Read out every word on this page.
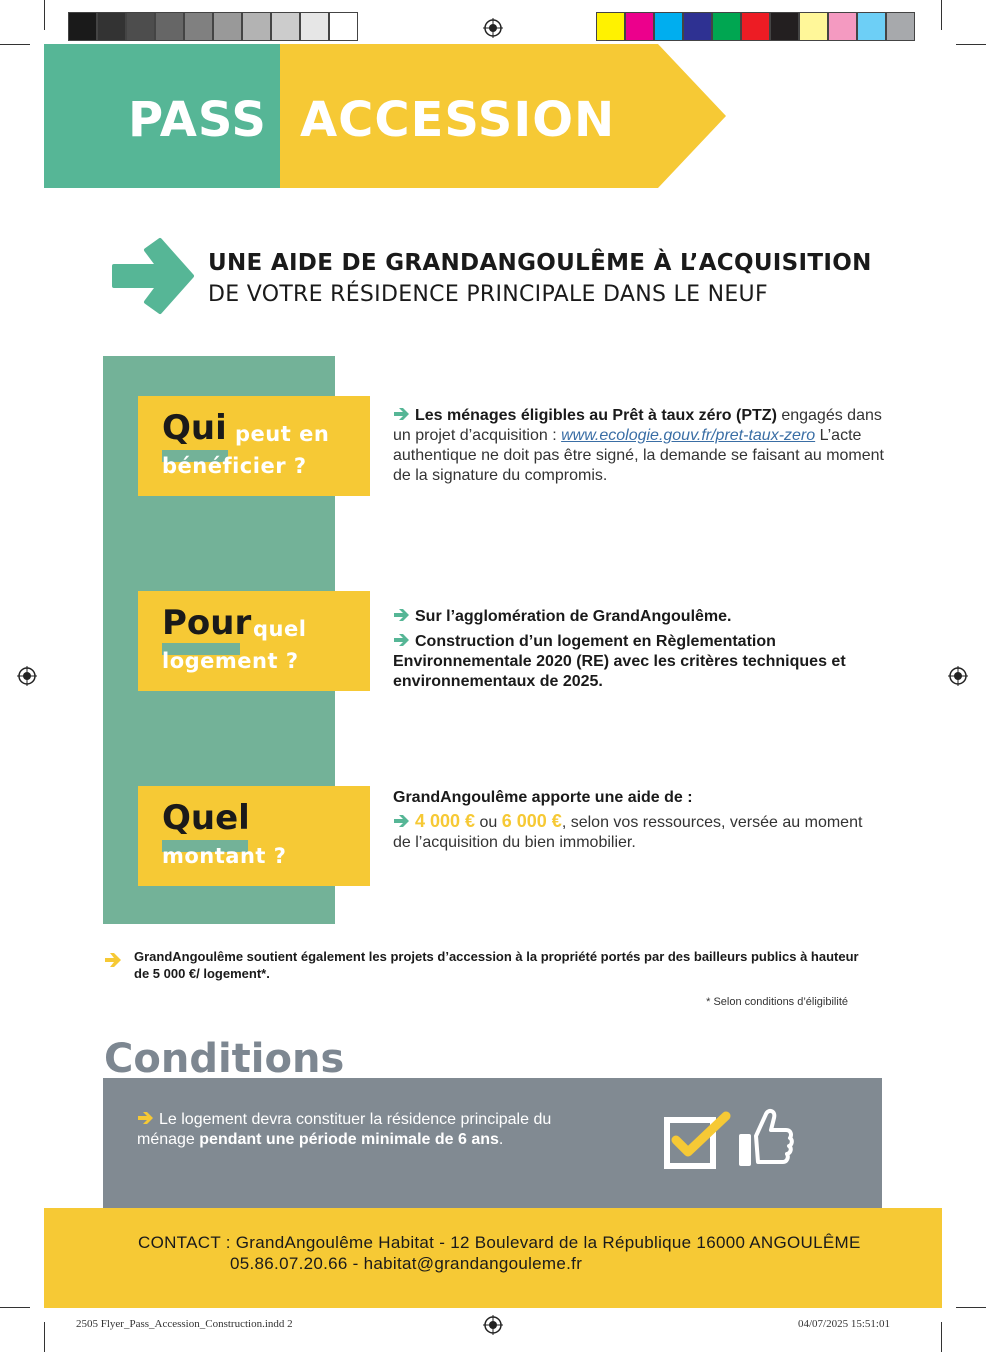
PASS ACCESSION
UNE AIDE DE GRANDANGOULÊME À L’ACQUISITION
DE VOTRE RÉSIDENCE PRINCIPALE DANS LE NEUF
Qui peut en
bénéficier ?
Les ménages éligibles au Prêt à taux zéro (PTZ) engagés dans un projet d’acquisition : www.ecologie.gouv.fr/pret-taux-zero L’acte authentique ne doit pas être signé, la demande se faisant au moment de la signature du compromis.
Pour quel
logement ?
Sur l’agglomération de GrandAngoulême.
Construction d’un logement en Règlementation Environnementale 2020 (RE) avec les critères techniques et environnementaux de 2025.
Quel
montant ?
GrandAngoulême apporte une aide de :
4 000 € ou 6 000 €, selon vos ressources, versée au moment de l’acquisition du bien immobilier.
GrandAngoulême soutient également les projets d’accession à la propriété portés par des bailleurs publics à hauteur de 5 000 €/ logement*.
* Selon conditions d’éligibilité
Conditions
Le logement devra constituer la résidence principale du ménage pendant une période minimale de 6 ans.
CONTACT : GrandAngoulême Habitat - 12 Boulevard de la République 16000 ANGOULÊME
05.86.07.20.66 - habitat@grandangouleme.fr
2505 Flyer_Pass_Accession_Construction.indd 2	04/07/2025 15:51:01
